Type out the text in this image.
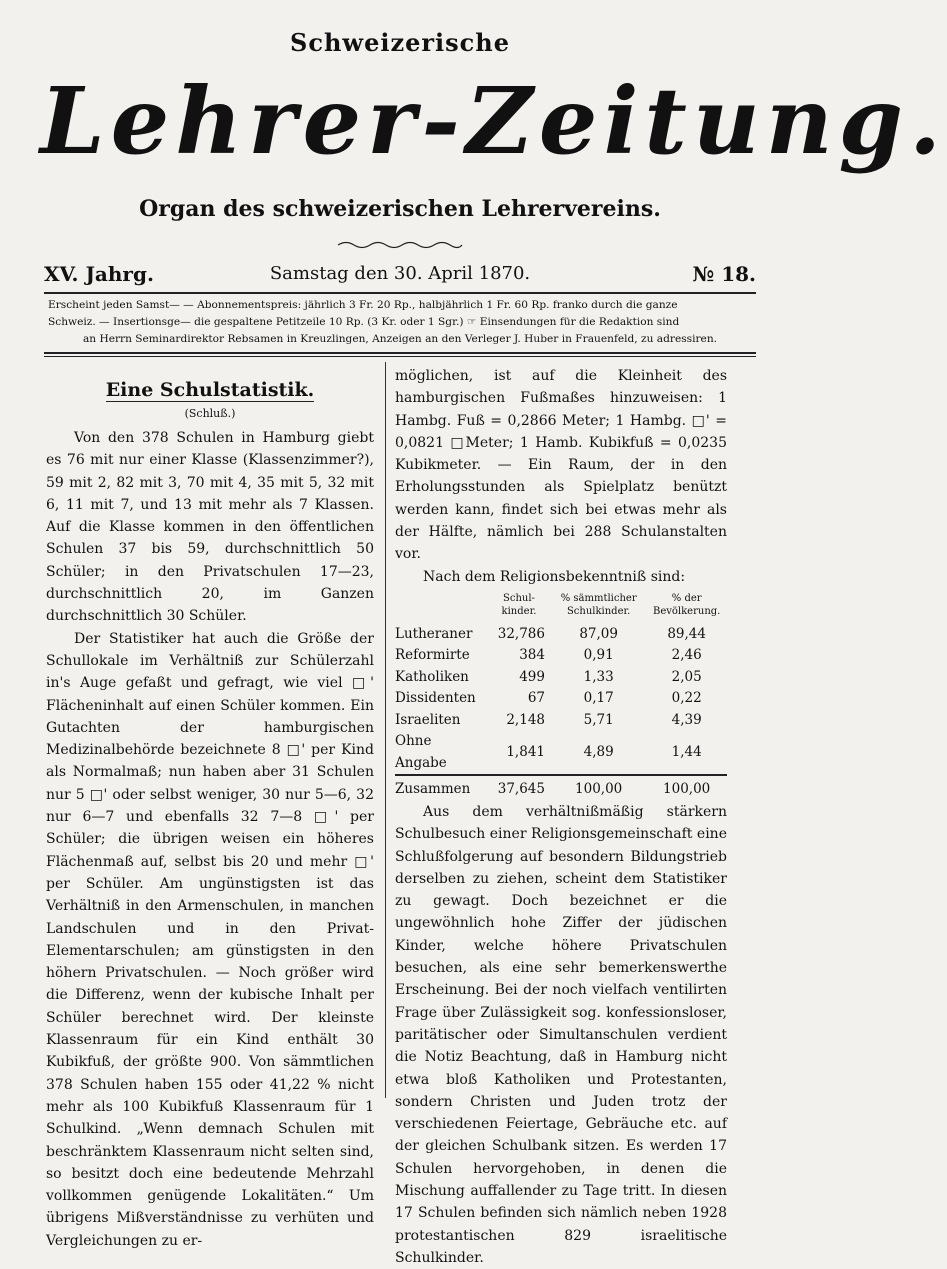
Schweizerische
Lehrer-Zeitung.
Organ des schweizerischen Lehrervereins.
XV. Jahrg.	Samstag den 30. April 1870.	№ 18.
Erscheint jeden Samst— — Abonnementspreis: jährlich 3 Fr. 20 Rp., halbjährlich 1 Fr. 60 Rp. franko durch die ganze
Schweiz. — Insertionsge— die gespaltene Petitzeile 10 Rp. (3 Kr. oder 1 Sgr.) ☞ Einsendungen für die Redaktion sind
an Herrn Seminardirektor Rebsamen in Kreuzlingen, Anzeigen an den Verleger J. Huber in Frauenfeld, zu adressiren.
Eine Schulstatistik.
(Schluß.)

Von den 378 Schulen in Hamburg giebt es 76 mit nur einer Klasse (Klassenzimmer?), 59 mit 2, 82 mit 3, 70 mit 4, 35 mit 5, 32 mit 6, 11 mit 7, und 13 mit mehr als 7 Klassen. Auf die Klasse kommen in den öffentlichen Schulen 37 bis 59, durchschnittlich 50 Schüler; in den Privatschulen 17—23, durchschnittlich 20, im Ganzen durchschnittlich 30 Schüler.

Der Statistiker hat auch die Größe der Schullokale im Verhältniß zur Schülerzahl in's Auge gefaßt und gefragt, wie viel □' Flächeninhalt auf einen Schüler kommen. Ein Gutachten der hamburgischen Medizinalbehörde bezeichnete 8 □' per Kind als Normalmaß; nun haben aber 31 Schulen nur 5 □' oder selbst weniger, 30 nur 5—6, 32 nur 6—7 und ebenfalls 32 7—8 □' per Schüler; die übrigen weisen ein höheres Flächenmaß auf, selbst bis 20 und mehr □' per Schüler. Am ungünstigsten ist das Verhältniß in den Armenschulen, in manchen Landschulen und in den Privat-Elementarschulen; am günstigsten in den höhern Privatschulen. — Noch größer wird die Differenz, wenn der kubische Inhalt per Schüler berechnet wird. Der kleinste Klassenraum für ein Kind enthält 30 Kubikfuß, der größte 900. Von sämmtlichen 378 Schulen haben 155 oder 41,22 % nicht mehr als 100 Kubikfuß Klassenraum für 1 Schulkind. „Wenn demnach Schulen mit beschränktem Klassenraum nicht selten sind, so besitzt doch eine bedeutende Mehrzahl vollkommen genügende Lokalitäten.“ Um übrigens Mißverständnisse zu verhüten und Vergleichungen zu er-

möglichen, ist auf die Kleinheit des hamburgischen Fußmaßes hinzuweisen: 1 Hambg. Fuß = 0,2866 Meter; 1 Hambg. □' = 0,0821 □Meter; 1 Hamb. Kubikfuß = 0,0235 Kubikmeter. — Ein Raum, der in den Erholungsstunden als Spielplatz benützt werden kann, findet sich bei etwas mehr als der Hälfte, nämlich bei 288 Schulanstalten vor.

Nach dem Religionsbekenntniß sind:

	Schul-kinder.	% sämmtlicher Schulkinder.	% der Bevölkerung.
Lutheraner	32,786	87,09	89,44
Reformirte	384	0,91	2,46
Katholiken	499	1,33	2,05
Dissidenten	67	0,17	0,22
Israeliten	2,148	5,71	4,39
Ohne Angabe	1,841	4,89	1,44
Zusammen	37,645	100,00	100,00

Aus dem verhältnißmäßig stärkern Schulbesuch einer Religionsgemeinschaft eine Schlußfolgerung auf besondern Bildungstrieb derselben zu ziehen, scheint dem Statistiker zu gewagt. Doch bezeichnet er die ungewöhnlich hohe Ziffer der jüdischen Kinder, welche höhere Privatschulen besuchen, als eine sehr bemerkenswerthe Erscheinung. Bei der noch vielfach ventilirten Frage über Zulässigkeit sog. konfessionsloser, paritätischer oder Simultanschulen verdient die Notiz Beachtung, daß in Hamburg nicht etwa bloß Katholiken und Protestanten, sondern Christen und Juden trotz der verschiedenen Feiertage, Gebräuche etc. auf der gleichen Schulbank sitzen. Es werden 17 Schulen hervorgehoben, in denen die Mischung auffallender zu Tage tritt. In diesen 17 Schulen befinden sich nämlich neben 1928 protestantischen 829 israelitische Schulkinder.
